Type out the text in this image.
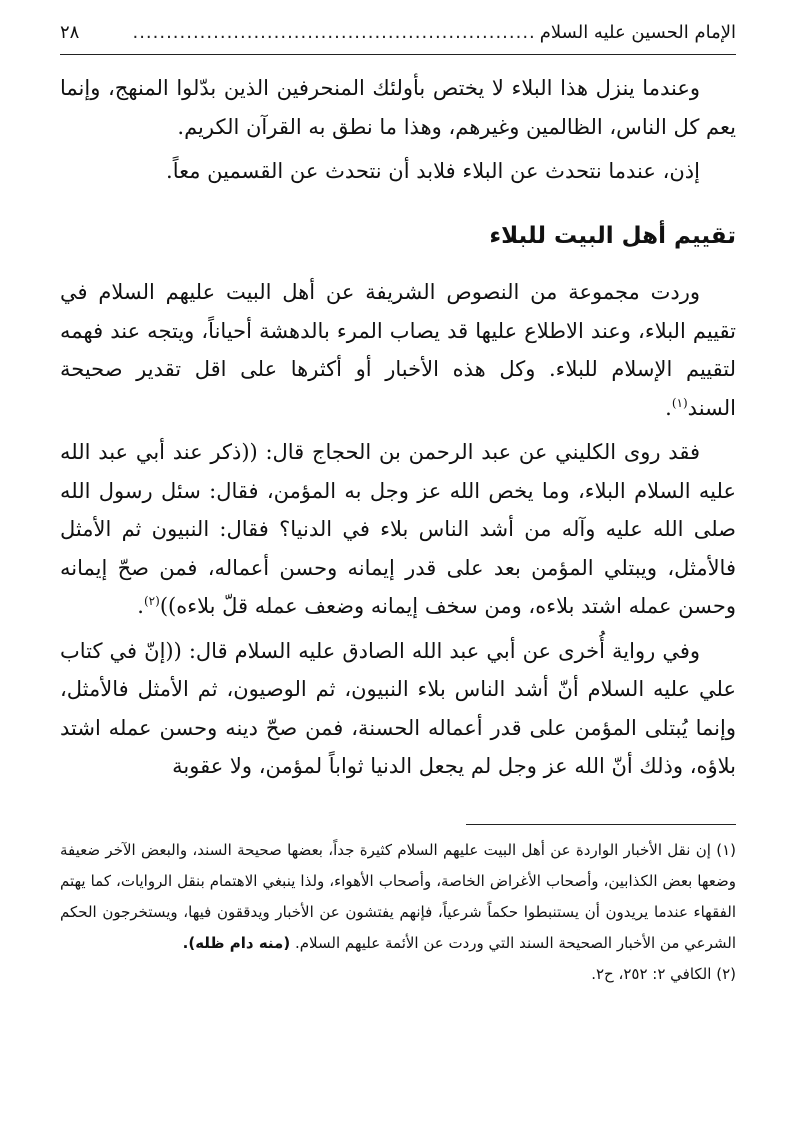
الإمام الحسين عليه السلام
............................................................
٢٨

وعندما ينزل هذا البلاء لا يختص بأولئك المنحرفين الذين بدّلوا المنهج، وإنما يعم كل الناس، الظالمين وغيرهم، وهذا ما نطق به القرآن الكريم.

إذن، عندما نتحدث عن البلاء فلابد أن نتحدث عن القسمين معاً.

تقييم أهل البيت للبلاء

وردت مجموعة من النصوص الشريفة عن أهل البيت عليهم السلام في تقييم البلاء، وعند الاطلاع عليها قد يصاب المرء بالدهشة أحياناً، ويتجه عند فهمه لتقييم الإسلام للبلاء. وكل هذه الأخبار أو أكثرها على اقل تقدير صحيحة السند$^{(١)}$.

فقد روى الكليني عن عبد الرحمن بن الحجاج قال: ((ذكر عند أبي عبد الله عليه السلام البلاء، وما يخص الله عز وجل به المؤمن، فقال: سئل رسول الله صلى الله عليه وآله من أشد الناس بلاء في الدنيا؟ فقال: النبيون ثم الأمثل فالأمثل، ويبتلي المؤمن بعد على قدر إيمانه وحسن أعماله، فمن صحّ إيمانه وحسن عمله اشتد بلاءه، ومن سخف إيمانه وضعف عمله قلّ بلاءه))$^{(٢)}$.

وفي رواية أُخرى عن أبي عبد الله الصادق عليه السلام قال: ((إنّ في كتاب علي عليه السلام أنّ أشد الناس بلاء النبيون، ثم الوصيون، ثم الأمثل فالأمثل، وإنما يُبتلى المؤمن على قدر أعماله الحسنة، فمن صحّ دينه وحسن عمله اشتد بلاؤه، وذلك أنّ الله عز وجل لم يجعل الدنيا ثواباً لمؤمن، ولا عقوبة

(١) إن نقل الأخبار الواردة عن أهل البيت عليهم السلام كثيرة جداً، بعضها صحيحة السند، والبعض الآخر ضعيفة وضعها بعض الكذابين، وأصحاب الأغراض الخاصة، وأصحاب الأهواء، ولذا ينبغي الاهتمام بنقل الروايات، كما يهتم الفقهاء عندما يريدون أن يستنبطوا حكماً شرعياً، فإنهم يفتشون عن الأخبار ويدققون فيها، ويستخرجون الحكم الشرعي من الأخبار الصحيحة السند التي وردت عن الأئمة عليهم السلام. (منه دام ظله).

(٢) الكافي ٢: ٢٥٢، ح٢.
